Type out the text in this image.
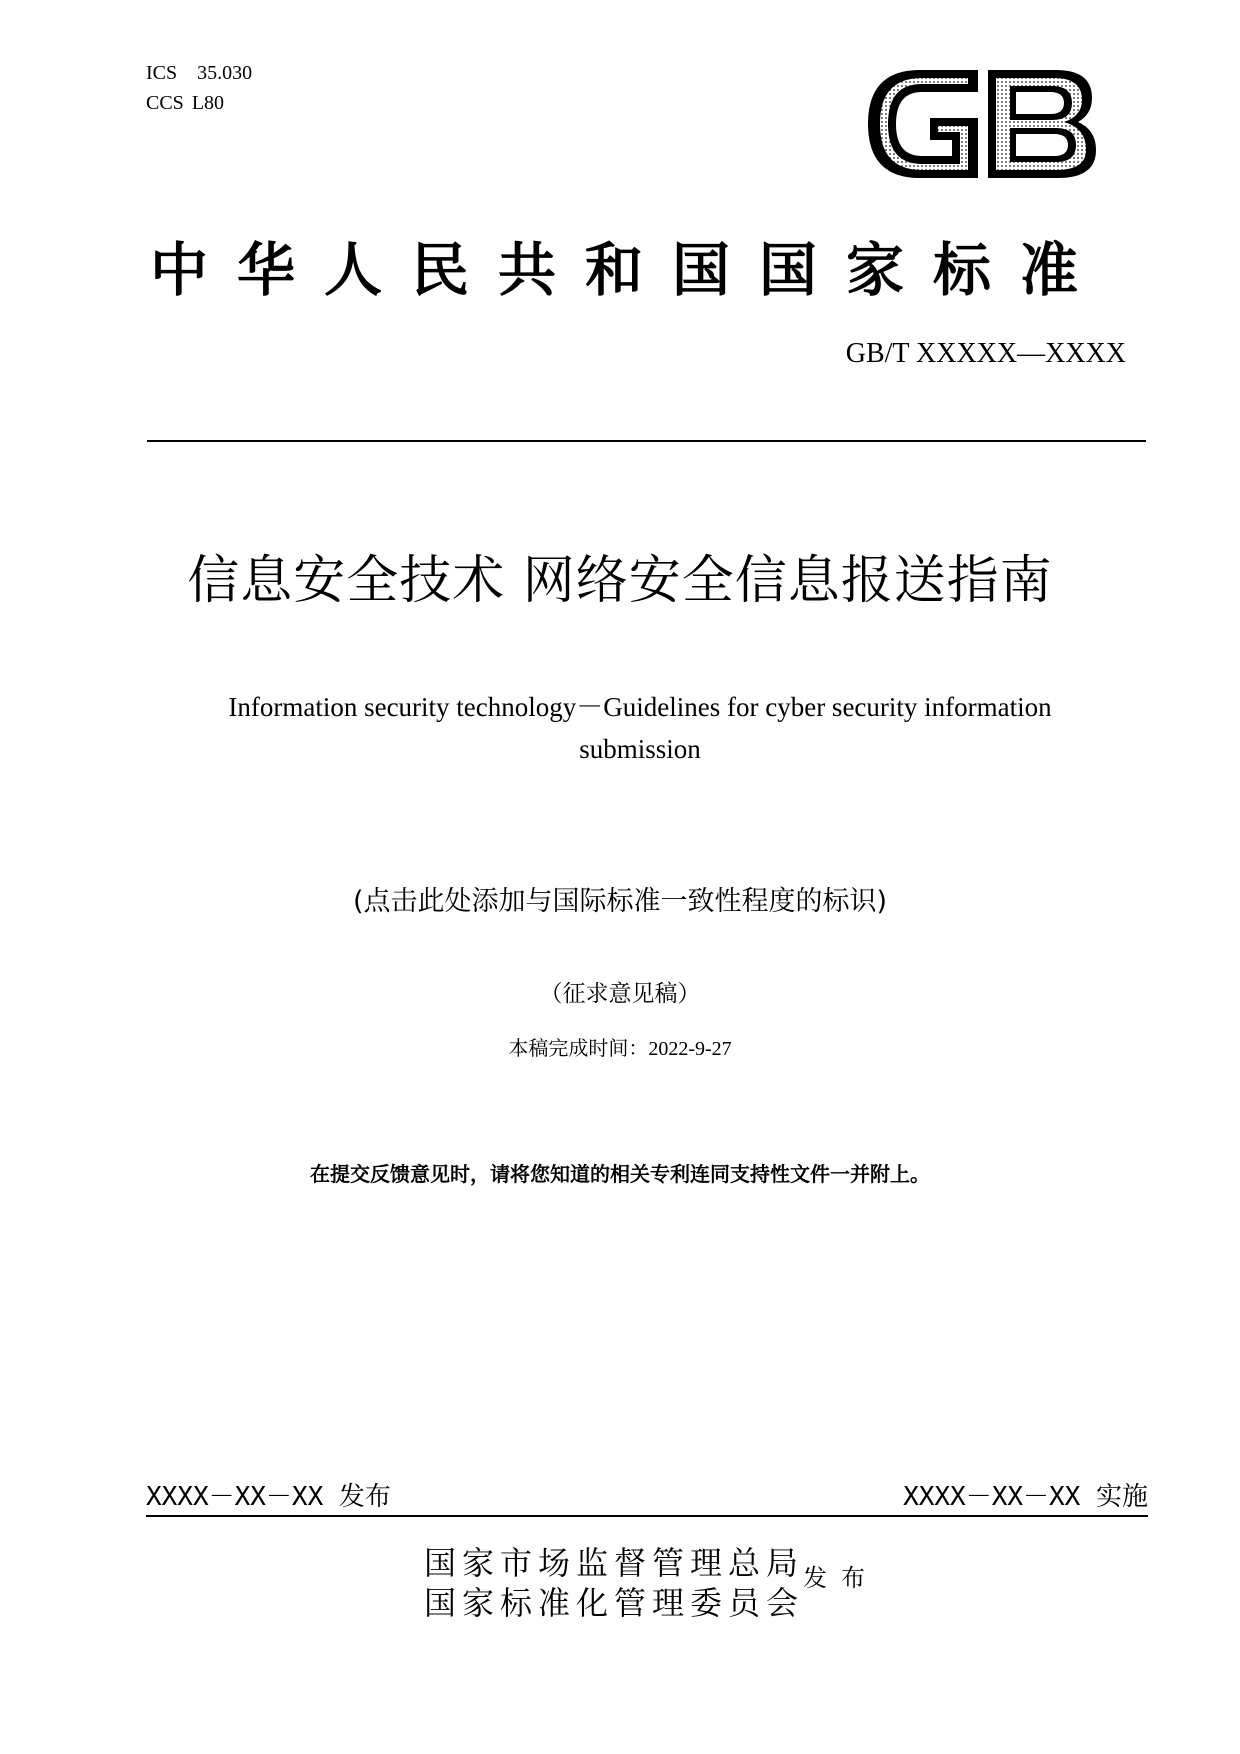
ICS 35.030
CCS L80
中华人民共和国国家标准
GB/T XXXXX—XXXX
信息安全技术 网络安全信息报送指南
Information security technology－Guidelines for cyber security information submission
(点击此处添加与国际标准一致性程度的标识)
（征求意见稿）
本稿完成时间：2022-9-27
在提交反馈意见时，请将您知道的相关专利连同支持性文件一并附上。
XXXX－XX－XX 发布	XXXX－XX－XX 实施
国家市场监督管理总局
国家标准化管理委员会
发布
